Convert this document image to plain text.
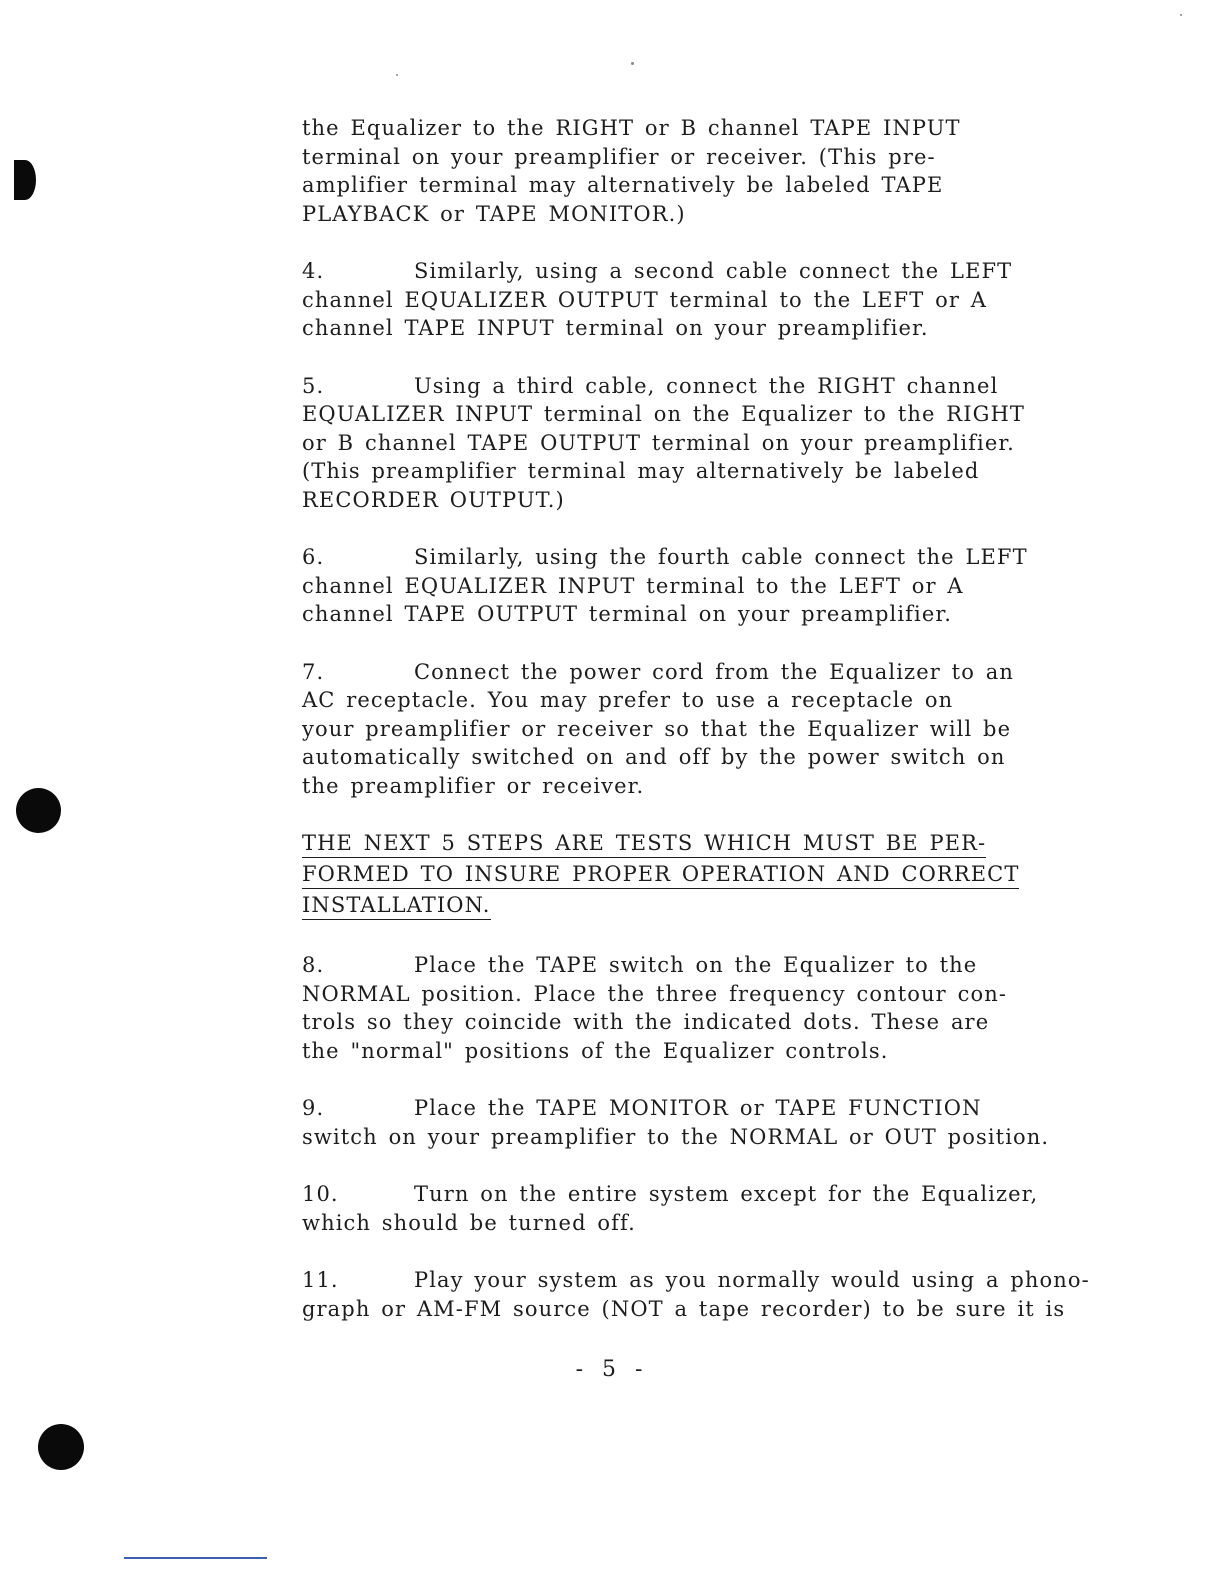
the Equalizer to the RIGHT or B channel TAPE INPUT
terminal on your preamplifier or receiver. (This pre-
amplifier terminal may alternatively be labeled TAPE
PLAYBACK or TAPE MONITOR.)

4.	Similarly, using a second cable connect the LEFT
channel EQUALIZER OUTPUT terminal to the LEFT or A
channel TAPE INPUT terminal on your preamplifier.

5.	Using a third cable, connect the RIGHT channel
EQUALIZER INPUT terminal on the Equalizer to the RIGHT
or B channel TAPE OUTPUT terminal on your preamplifier.
(This preamplifier terminal may alternatively be labeled
RECORDER OUTPUT.)

6.	Similarly, using the fourth cable connect the LEFT
channel EQUALIZER INPUT terminal to the LEFT or A
channel TAPE OUTPUT terminal on your preamplifier.

7.	Connect the power cord from the Equalizer to an
AC receptacle. You may prefer to use a receptacle on
your preamplifier or receiver so that the Equalizer will be
automatically switched on and off by the power switch on
the preamplifier or receiver.

THE NEXT 5 STEPS ARE TESTS WHICH MUST BE PER-
FORMED TO INSURE PROPER OPERATION AND CORRECT
INSTALLATION.

8.	Place the TAPE switch on the Equalizer to the
NORMAL position. Place the three frequency contour con-
trols so they coincide with the indicated dots. These are
the "normal" positions of the Equalizer controls.

9.	Place the TAPE MONITOR or TAPE FUNCTION
switch on your preamplifier to the NORMAL or OUT position.

10.	Turn on the entire system except for the Equalizer,
which should be turned off.

11.	Play your system as you normally would using a phono-
graph or AM-FM source (NOT a tape recorder) to be sure it is

- 5 -
